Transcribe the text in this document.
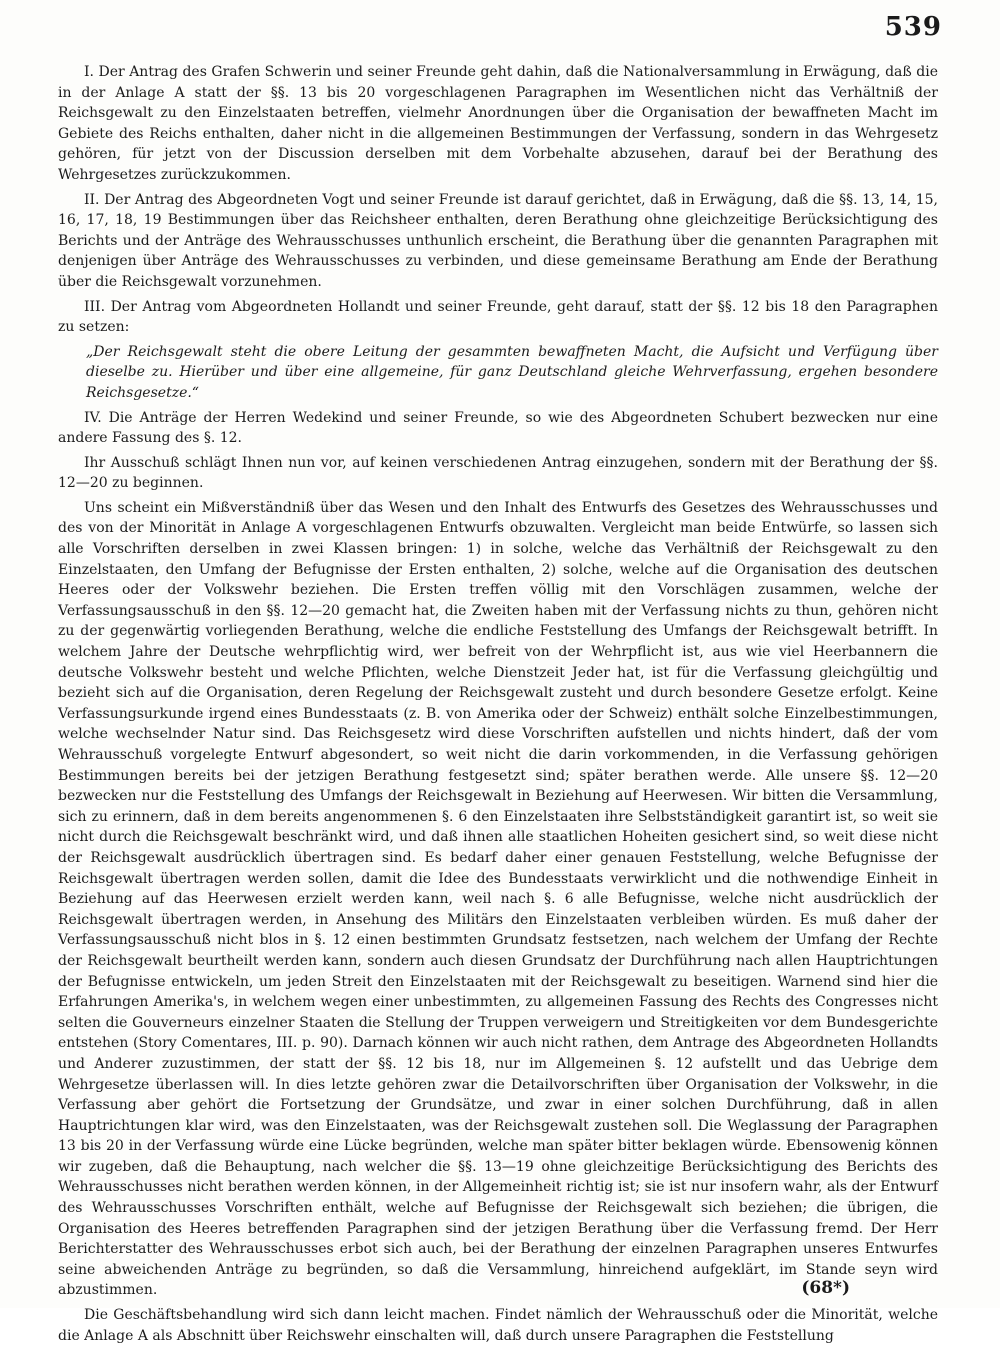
539

I. Der Antrag des Grafen Schwerin und seiner Freunde geht dahin, daß die Nationalversammlung in Erwägung, daß die in der Anlage A statt der §§. 13 bis 20 vorgeschlagenen Paragraphen im Wesentlichen nicht das Verhältniß der Reichsgewalt zu den Einzelstaaten betreffen, vielmehr Anordnungen über die Organisation der bewaffneten Macht im Gebiete des Reichs enthalten, daher nicht in die allgemeinen Bestimmungen der Verfassung, sondern in das Wehrgesetz gehören, für jetzt von der Discussion derselben mit dem Vorbehalte abzusehen, darauf bei der Berathung des Wehrgesetzes zurückzukommen.

II. Der Antrag des Abgeordneten Vogt und seiner Freunde ist darauf gerichtet, daß in Erwägung, daß die §§. 13, 14, 15, 16, 17, 18, 19 Bestimmungen über das Reichsheer enthalten, deren Berathung ohne gleichzeitige Berücksichtigung des Berichts und der Anträge des Wehrausschusses unthunlich erscheint, die Berathung über die genannten Paragraphen mit denjenigen über Anträge des Wehrausschusses zu verbinden, und diese gemeinsame Berathung am Ende der Berathung über die Reichsgewalt vorzunehmen.

III. Der Antrag vom Abgeordneten Hollandt und seiner Freunde, geht darauf, statt der §§. 12 bis 18 den Paragraphen zu setzen:

„Der Reichsgewalt steht die obere Leitung der gesammten bewaffneten Macht, die Aufsicht und Verfügung über dieselbe zu. Hierüber und über eine allgemeine, für ganz Deutschland gleiche Wehrverfassung, ergehen besondere Reichsgesetze.“

IV. Die Anträge der Herren Wedekind und seiner Freunde, so wie des Abgeordneten Schubert bezwecken nur eine andere Fassung des §. 12.

Ihr Ausschuß schlägt Ihnen nun vor, auf keinen verschiedenen Antrag einzugehen, sondern mit der Berathung der §§. 12—20 zu beginnen.

Uns scheint ein Mißverständniß über das Wesen und den Inhalt des Entwurfs des Gesetzes des Wehrausschusses und des von der Minorität in Anlage A vorgeschlagenen Entwurfs obzuwalten. Vergleicht man beide Entwürfe, so lassen sich alle Vorschriften derselben in zwei Klassen bringen: 1) in solche, welche das Verhältniß der Reichsgewalt zu den Einzelstaaten, den Umfang der Befugnisse der Ersten enthalten, 2) solche, welche auf die Organisation des deutschen Heeres oder der Volkswehr beziehen. Die Ersten treffen völlig mit den Vorschlägen zusammen, welche der Verfassungsausschuß in den §§. 12—20 gemacht hat, die Zweiten haben mit der Verfassung nichts zu thun, gehören nicht zu der gegenwärtig vorliegenden Berathung, welche die endliche Feststellung des Umfangs der Reichsgewalt betrifft. In welchem Jahre der Deutsche wehrpflichtig wird, wer befreit von der Wehrpflicht ist, aus wie viel Heerbannern die deutsche Volkswehr besteht und welche Pflichten, welche Dienstzeit Jeder hat, ist für die Verfassung gleichgültig und bezieht sich auf die Organisation, deren Regelung der Reichsgewalt zusteht und durch besondere Gesetze erfolgt. Keine Verfassungsurkunde irgend eines Bundesstaats (z. B. von Amerika oder der Schweiz) enthält solche Einzelbestimmungen, welche wechselnder Natur sind. Das Reichsgesetz wird diese Vorschriften aufstellen und nichts hindert, daß der vom Wehrausschuß vorgelegte Entwurf abgesondert, so weit nicht die darin vorkommenden, in die Verfassung gehörigen Bestimmungen bereits bei der jetzigen Berathung festgesetzt sind; später berathen werde. Alle unsere §§. 12—20 bezwecken nur die Feststellung des Umfangs der Reichsgewalt in Beziehung auf Heerwesen. Wir bitten die Versammlung, sich zu erinnern, daß in dem bereits angenommenen §. 6 den Einzelstaaten ihre Selbstständigkeit garantirt ist, so weit sie nicht durch die Reichsgewalt beschränkt wird, und daß ihnen alle staatlichen Hoheiten gesichert sind, so weit diese nicht der Reichsgewalt ausdrücklich übertragen sind. Es bedarf daher einer genauen Feststellung, welche Befugnisse der Reichsgewalt übertragen werden sollen, damit die Idee des Bundesstaats verwirklicht und die nothwendige Einheit in Beziehung auf das Heerwesen erzielt werden kann, weil nach §. 6 alle Befugnisse, welche nicht ausdrücklich der Reichsgewalt übertragen werden, in Ansehung des Militärs den Einzelstaaten verbleiben würden. Es muß daher der Verfassungsausschuß nicht blos in §. 12 einen bestimmten Grundsatz festsetzen, nach welchem der Umfang der Rechte der Reichsgewalt beurtheilt werden kann, sondern auch diesen Grundsatz der Durchführung nach allen Hauptrichtungen der Befugnisse entwickeln, um jeden Streit den Einzelstaaten mit der Reichsgewalt zu beseitigen. Warnend sind hier die Erfahrungen Amerika's, in welchem wegen einer unbestimmten, zu allgemeinen Fassung des Rechts des Congresses nicht selten die Gouverneurs einzelner Staaten die Stellung der Truppen verweigern und Streitigkeiten vor dem Bundesgerichte entstehen (Story Comentares, III. p. 90). Darnach können wir auch nicht rathen, dem Antrage des Abgeordneten Hollandts und Anderer zuzustimmen, der statt der §§. 12 bis 18, nur im Allgemeinen §. 12 aufstellt und das Uebrige dem Wehrgesetze überlassen will. In dies letzte gehören zwar die Detailvorschriften über Organisation der Volkswehr, in die Verfassung aber gehört die Fortsetzung der Grundsätze, und zwar in einer solchen Durchführung, daß in allen Hauptrichtungen klar wird, was den Einzelstaaten, was der Reichsgewalt zustehen soll. Die Weglassung der Paragraphen 13 bis 20 in der Verfassung würde eine Lücke begründen, welche man später bitter beklagen würde. Ebensowenig können wir zugeben, daß die Behauptung, nach welcher die §§. 13—19 ohne gleichzeitige Berücksichtigung des Berichts des Wehrausschusses nicht berathen werden können, in der Allgemeinheit richtig ist; sie ist nur insofern wahr, als der Entwurf des Wehrausschusses Vorschriften enthält, welche auf Befugnisse der Reichsgewalt sich beziehen; die übrigen, die Organisation des Heeres betreffenden Paragraphen sind der jetzigen Berathung über die Verfassung fremd. Der Herr Berichterstatter des Wehrausschusses erbot sich auch, bei der Berathung der einzelnen Paragraphen unseres Entwurfes seine abweichenden Anträge zu begründen, so daß die Versammlung, hinreichend aufgeklärt, im Stande seyn wird abzustimmen.

Die Geschäftsbehandlung wird sich dann leicht machen. Findet nämlich der Wehrausschuß oder die Minorität, welche die Anlage A als Abschnitt über Reichswehr einschalten will, daß durch unsere Paragraphen die Feststellung

(68*)
